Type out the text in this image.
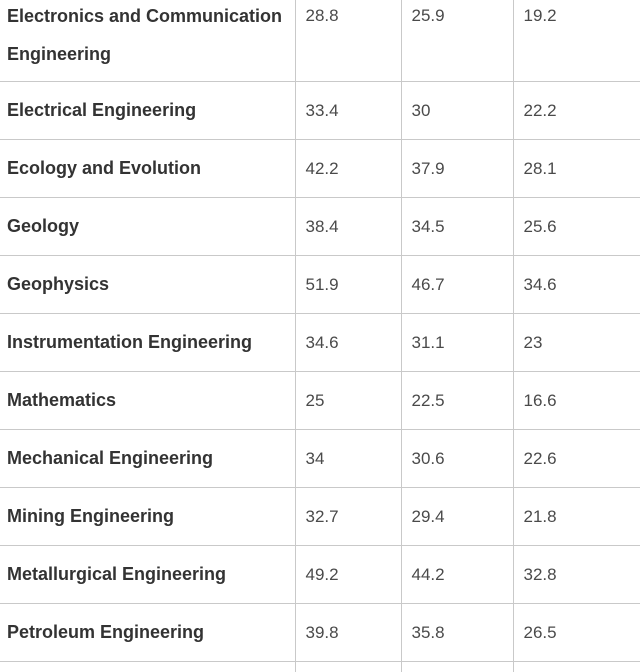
Electronics and Communication Engineering	28.8	25.9	19.2
Electrical Engineering	33.4	30	22.2
Ecology and Evolution	42.2	37.9	28.1
Geology	38.4	34.5	25.6
Geophysics	51.9	46.7	34.6
Instrumentation Engineering	34.6	31.1	23
Mathematics	25	22.5	16.6
Mechanical Engineering	34	30.6	22.6
Mining Engineering	32.7	29.4	21.8
Metallurgical Engineering	49.2	44.2	32.8
Petroleum Engineering	39.8	35.8	26.5
